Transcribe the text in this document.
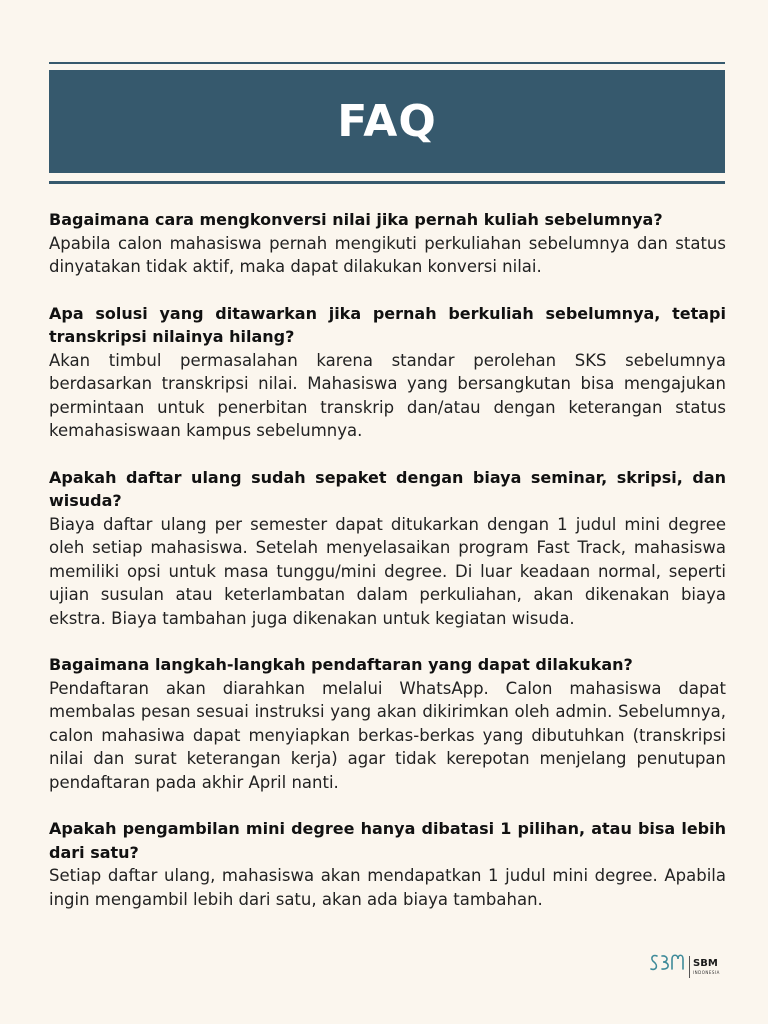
FAQ

Bagaimana cara mengkonversi nilai jika pernah kuliah sebelumnya?

Apabila calon mahasiswa pernah mengikuti perkuliahan sebelumnya dan status dinyatakan tidak aktif, maka dapat dilakukan konversi nilai.

Apa solusi yang ditawarkan jika pernah berkuliah sebelumnya, tetapi transkripsi nilainya hilang?

Akan timbul permasalahan karena standar perolehan SKS sebelumnya berdasarkan transkripsi nilai. Mahasiswa yang bersangkutan bisa mengajukan permintaan untuk penerbitan transkrip dan/atau dengan keterangan status kemahasiswaan kampus sebelumnya.

Apakah daftar ulang sudah sepaket dengan biaya seminar, skripsi, dan wisuda?

Biaya daftar ulang per semester dapat ditukarkan dengan 1 judul mini degree oleh setiap mahasiswa. Setelah menyelasaikan program Fast Track, mahasiswa memiliki opsi untuk masa tunggu/mini degree. Di luar keadaan normal, seperti ujian susulan atau keterlambatan dalam perkuliahan, akan dikenakan biaya ekstra. Biaya tambahan juga dikenakan untuk kegiatan wisuda.

Bagaimana langkah-langkah pendaftaran yang dapat dilakukan?

Pendaftaran akan diarahkan melalui WhatsApp. Calon mahasiswa dapat membalas pesan sesuai instruksi yang akan dikirimkan oleh admin. Sebelumnya, calon mahasiwa dapat menyiapkan berkas-berkas yang dibutuhkan (transkripsi nilai dan surat keterangan kerja) agar tidak kerepotan menjelang penutupan pendaftaran pada akhir April nanti.

Apakah pengambilan mini degree hanya dibatasi 1 pilihan, atau bisa lebih dari satu?

Setiap daftar ulang, mahasiswa akan mendapatkan 1 judul mini degree. Apabila ingin mengambil lebih dari satu, akan ada biaya tambahan.

SBM
INDONESIA
